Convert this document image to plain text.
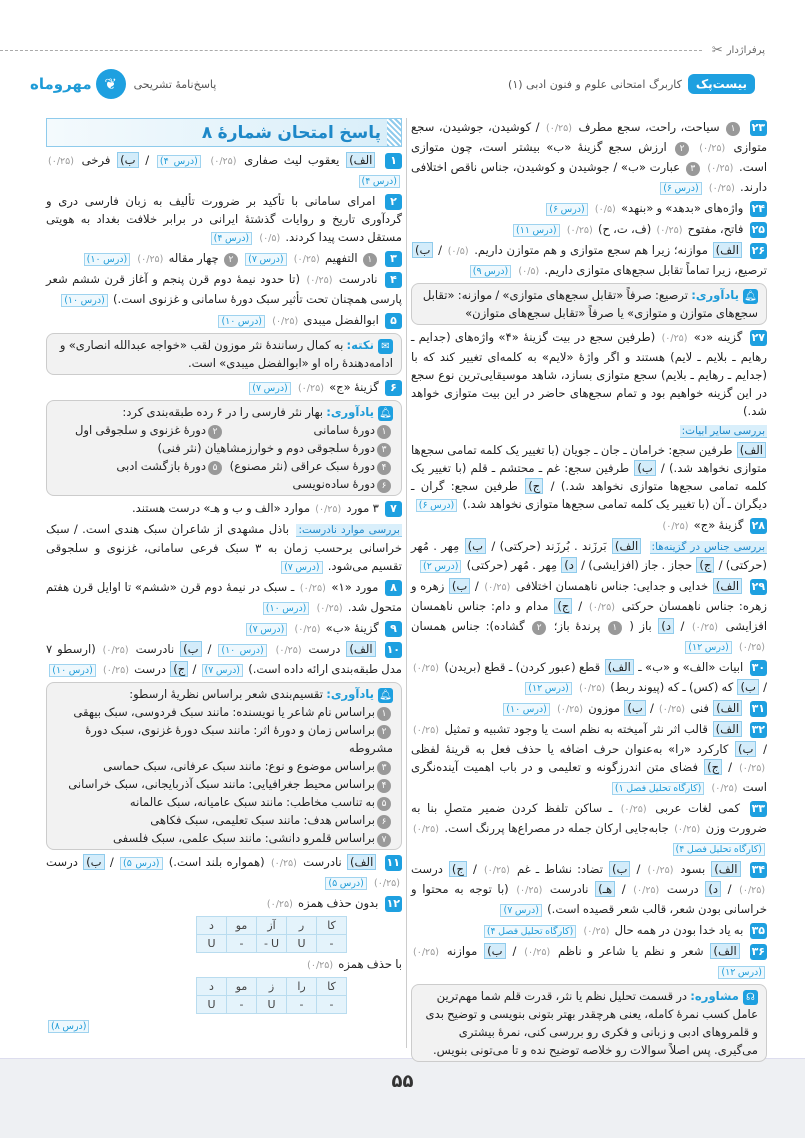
پرفراژدار
✂
بیست‌پک
کاربرگ امتحانی علوم و فنون ادبی (۱)
پاسخ‌نامهٔ تشریحی
❦
مهروماه
پاسخ امتحان شمارهٔ ۸
۱ الف) یعقوب لیث صفاری (۰/۲۵) (درس ۴) / ب) فرخی (۰/۲۵) (درس ۴)
۲ امرای سامانی با تأکید بر ضرورت تألیف به زبان فارسی دری و گردآوری تاریخ و روایات گذشتهٔ ایرانی در برابر خلافت بغداد به هویتی مستقل دست پیدا کردند. (۰/۵) (درس ۴)
۳ ۱ التفهیم (۰/۲۵) (درس ۷) ۲ چهار مقاله (۰/۲۵) (درس ۱۰)
۴ نادرست (۰/۲۵) (تا حدود نیمهٔ دوم قرن پنجم و آغاز قرن ششم شعر پارسی همچنان تحت تأثیر سبک دورهٔ سامانی و غزنوی است.) (درس ۱۰)
۵ ابوالفضل میبدی (۰/۲۵) (درس ۱۰)
✉نکته: به کمال رسانندهٔ نثر موزون لقب «خواجه عبدالله انصاری» و ادامه‌دهندهٔ راه او «ابوالفضل میبدی» است.
۶ گزینهٔ «ج» (۰/۲۵) (درس ۷)
🔔︎یادآوری: بهار نثر فارسی را در ۶ رده طبقه‌بندی کرد:
۱دورهٔ سامانی
۲دورهٔ غزنوی و سلجوقی اول
۳دورهٔ سلجوقی دوم و خوارزمشاهیان (نثر فنی)
۴دورهٔ سبک عراقی (نثر مصنوع)
۵دورهٔ بازگشت ادبی
۶دورهٔ ساده‌نویسی
۷ ۳ مورد (۰/۲۵) موارد «الف و ب و هـ» درست هستند.
بررسی موارد نادرست: باذل مشهدی از شاعران سبک هندی است. / سبک خراسانی برحسب زمان به ۳ سبک فرعی سامانی، غزنوی و سلجوقی تقسیم می‌شود. (درس ۷)
۸ مورد «۱» (۰/۲۵) ـ سبک در نیمهٔ دوم قرن «ششم» تا اوایل قرن هفتم متحول شد. (۰/۲۵) (درس ۱۰)
۹ گزینهٔ «ب» (۰/۲۵) (درس ۷)
۱۰ الف) درست (۰/۲۵) (درس ۱۰) / ب) نادرست (۰/۲۵) (ارسطو ۷ مدل طبقه‌بندی ارائه داده است.) (درس ۷) / ج) درست (۰/۲۵) (درس ۱۰)
🔔︎یادآوری: تقسیم‌بندی شعر براساس نظریهٔ ارسطو:
۱براساس نام شاعر یا نویسنده: مانند سبک فردوسی، سبک بیهقی
۲براساس زمان و دورهٔ اثر: مانند سبک دورهٔ غزنوی، سبک دورهٔ مشروطه
۳براساس موضوع و نوع: مانند سبک عرفانی، سبک حماسی
۴براساس محیط جغرافیایی: مانند سبک آذربایجانی، سبک خراسانی
۵به تناسب مخاطب: مانند سبک عامیانه، سبک عالمانه
۶براساس هدف: مانند سبک تعلیمی، سبک فکاهی
۷براساس قلمرو دانشی: مانند سبک علمی، سبک فلسفی
۱۱ الف) نادرست (۰/۲۵) (همواره بلند است.) (درس ۵) / ب) درست (۰/۲۵) (درس ۵)
۱۲ بدون حذف همزه (۰/۲۵)
کا	ر	آز	مو	د
-	U	U -	-	U
با حذف همزه (۰/۲۵)
کا	را	ز	مو	د
-	-	U	-	U
(درس ۸)
۲۳ ۱ سیاحت، راحت، سجع مطرف (۰/۲۵) / کوشیدن، جوشیدن، سجع متوازی (۰/۲۵) ۲ ارزش سجع گزینهٔ «ب» بیشتر است، چون متوازی است. (۰/۲۵) ۳ عبارت «ب» / جوشیدن و کوشیدن، جناس ناقص اختلافی دارند. (۰/۲۵) (درس ۶)
۲۴ واژه‌های «بدهد» و «بنهد» (۰/۵) (درس ۶)
۲۵ فاتح، مفتوح (۰/۲۵) (ف، ت، ح) (۰/۲۵) (درس ۱۱)
۲۶ الف) موازنه؛ زیرا هم سجع متوازی و هم متوازن داریم. (۰/۵) / ب) ترصیع، زیرا تماماً تقابل سجع‌های متوازی داریم. (۰/۵) (درس ۹)
🔔︎یادآوری: ترصیع: صرفاً «تقابل سجع‌های متوازی» / موازنه: «تقابل سجع‌های متوازن و متوازی» یا صرفاً «تقابل سجع‌های متوازن»
۲۷ گزینه «د» (۰/۲۵) (طرفین سجع در بیت گزینهٔ «۴» واژه‌های (جدایم ـ رهایم ـ بلایم ـ لایم) هستند و اگر واژهٔ «لایم» به کلمه‌ای تغییر کند که با (جدایم ـ رهایم ـ بلایم) سجع متوازی بسازد، شاهد موسیقایی‌ترین نوع سجع در این گزینه خواهیم بود و تمام سجع‌های حاضر در این بیت متوازی خواهد شد.)
بررسی سایر ابیات:
الف) طرفین سجع: خرامان ـ جان ـ جویان (با تغییر یک کلمه تمامی سجع‌ها متوازی نخواهد شد.) / ب) طرفین سجع: غم ـ محتشم ـ قلم (با تغییر یک کلمه تمامی سجع‌ها متوازی نخواهد شد.) / ج) طرفین سجع: گران ـ دیگران ـ آن (با تغییر یک کلمه تمامی سجع‌ها متوازی نخواهد شد.) (درس ۶)
۲۸ گزینهٔ «ج» (۰/۲۵)
بررسی جناس در گزینه‌ها: الف) بَرزَند . بُرزَند (حرکتی) / ب) مِهر . مُهر (حرکتی) / ج) حجاز . جاز (افزایشی) / د) مِهر . مُهر (حرکتی) (درس ۲)
۲۹ الف) خدایی و جدایی: جناس ناهمسان اختلافی (۰/۲۵) / ب) زهره و زهره: جناس ناهمسان حرکتی (۰/۲۵) / ج) مدام و دام: جناس ناهمسان افزایشی (۰/۲۵) / د) باز ( ۱ پرندهٔ باز؛ ۲ گشاده): جناس همسان (۰/۲۵) (درس ۱۲)
۳۰ ابیات «الف» و «ب» ـ الف) قطع (عبور کردن) ـ قطع (بریدن) (۰/۲۵) / ب) که (کس) ـ که (پیوند ربط) (۰/۲۵) (درس ۱۲)
۳۱ الف) فنی (۰/۲۵) / ب) موزون (۰/۲۵) (درس ۱۰)
۳۲ الف) قالب اثر نثر آمیخته به نظم است یا وجود تشبیه و تمثیل (۰/۲۵) / ب) کارکرد «را» به‌عنوان حرف اضافه یا حذف فعل به قرینهٔ لفظی (۰/۲۵) / ج) فضای متن اندرزگونه و تعلیمی و در باب اهمیت آینده‌نگری است (۰/۲۵) (کارگاه تحلیل فصل ۱)
۳۳ کمی لغات عربی (۰/۲۵) ـ ساکن تلفظ کردن ضمیر متصلِ بنا به ضرورت وزن (۰/۲۵) جابه‌جایی ارکان جمله در مصراع‌ها پررنگ است. (۰/۲۵) (کارگاه تحلیل فصل ۴)
۳۴ الف) بسود (۰/۲۵) / ب) تضاد: نشاط ـ غم (۰/۲۵) / ج) درست (۰/۲۵) / د) درست (۰/۲۵) / هـ) نادرست (۰/۲۵) (با توجه به محتوا و خراسانی بودن شعر، قالب شعر قصیده است.) (درس ۷)
۳۵ به یاد خدا بودن در همه حال (۰/۲۵) (کارگاه تحلیل فصل ۴)
۳۶ الف) شعر و نظم یا شاعر و ناظم (۰/۲۵) / ب) موازنه (۰/۲۵) (درس ۱۲)
☊مشاوره: در قسمت تحلیل نظم یا نثر، قدرت قلم شما مهم‌ترین عامل کسب نمرهٔ کامله، یعنی هرچقدر بهتر بتونی بنویسی و توضیح بدی و قلمروهای ادبی و زبانی و فکری رو بررسی کنی، نمرهٔ بیشتری می‌گیری. پس اصلاً سوالات رو خلاصه توضیح نده و تا می‌تونی بنویس.
۵۵
